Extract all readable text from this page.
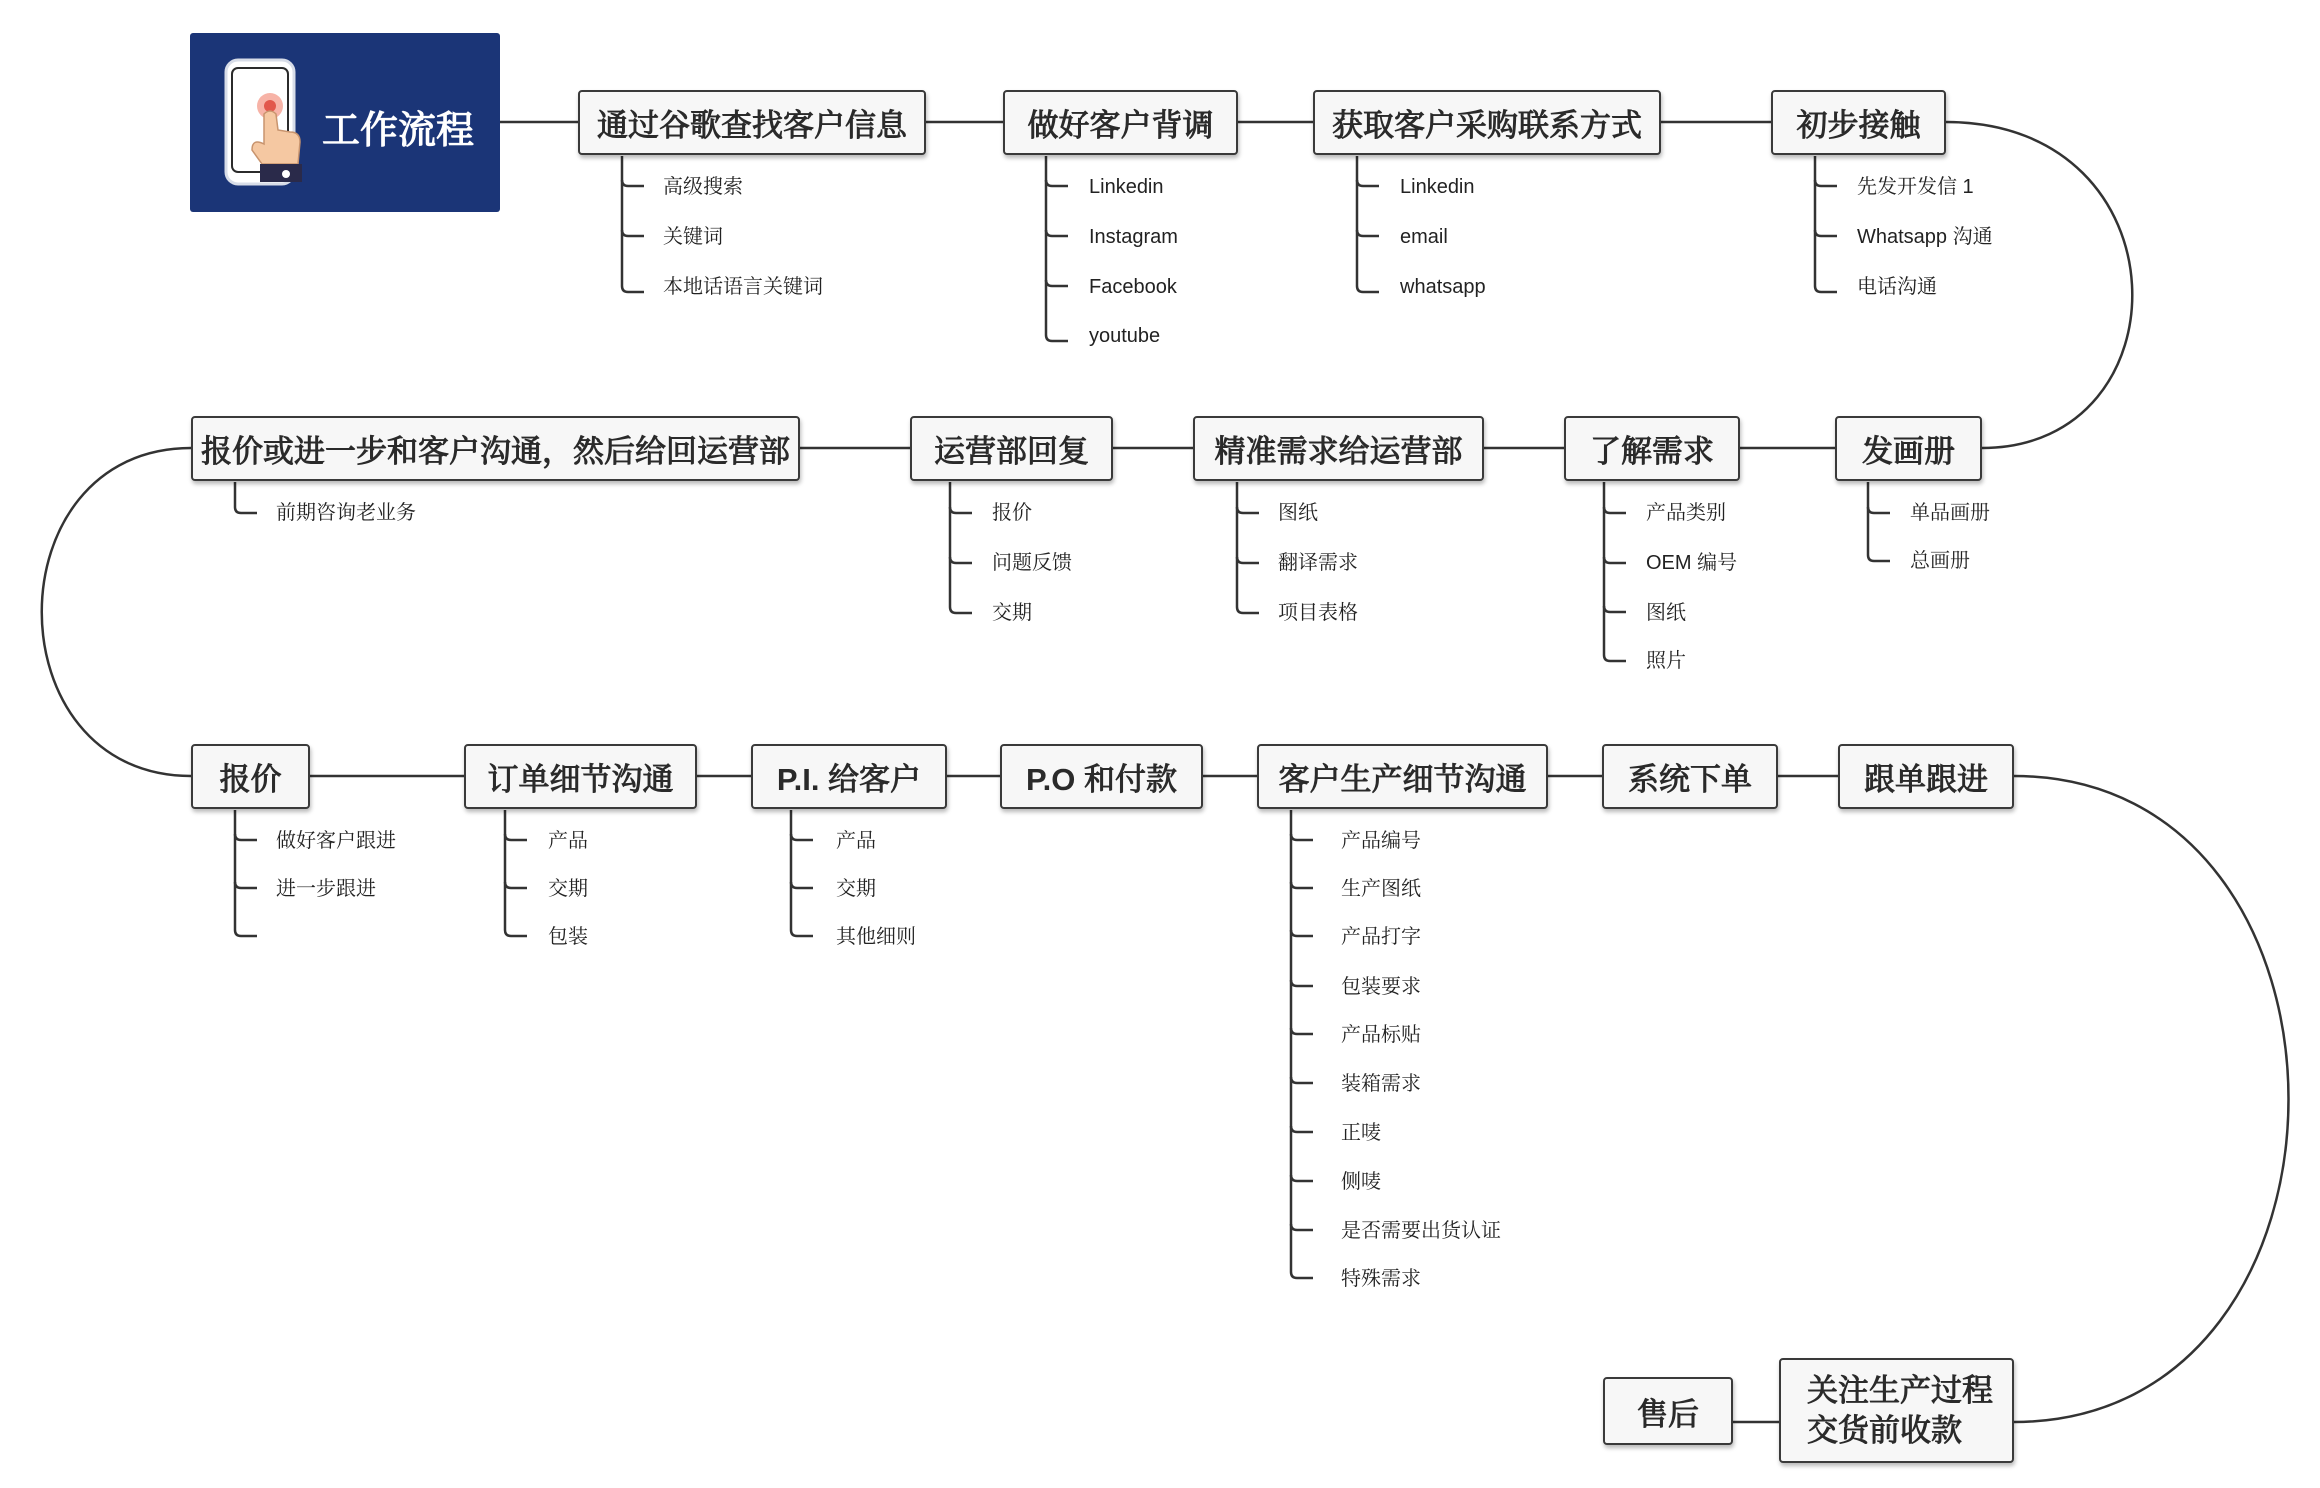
工作流程	通过谷歌查找客户信息	做好客户背调	获取客户采购联系方式	初步接触
高级搜索
关键词
本地话语言关键词
Linkedin
Instagram
Facebook
youtube
Linkedin
email
whatsapp
先发开发信 1
Whatsapp 沟通
电话沟通
报价或进一步和客户沟通，然后给回运营部	运营部回复	精准需求给运营部	了解需求	发画册
前期咨询老业务	报价
问题反馈
交期
图纸
翻译需求
项目表格
产品类别
OEM 编号
图纸
照片
单品画册
总画册
报价	订单细节沟通	P.I. 给客户	P.O 和付款	客户生产细节沟通	系统下单	跟单跟进
做好客户跟进
进一步跟进
产品
交期
包装
产品
交期
其他细则
产品编号
生产图纸
产品打字
包装要求
产品标贴
装箱需求
正唛
侧唛
是否需要出货认证
特殊需求
售后
关注生产过程
交货前收款
